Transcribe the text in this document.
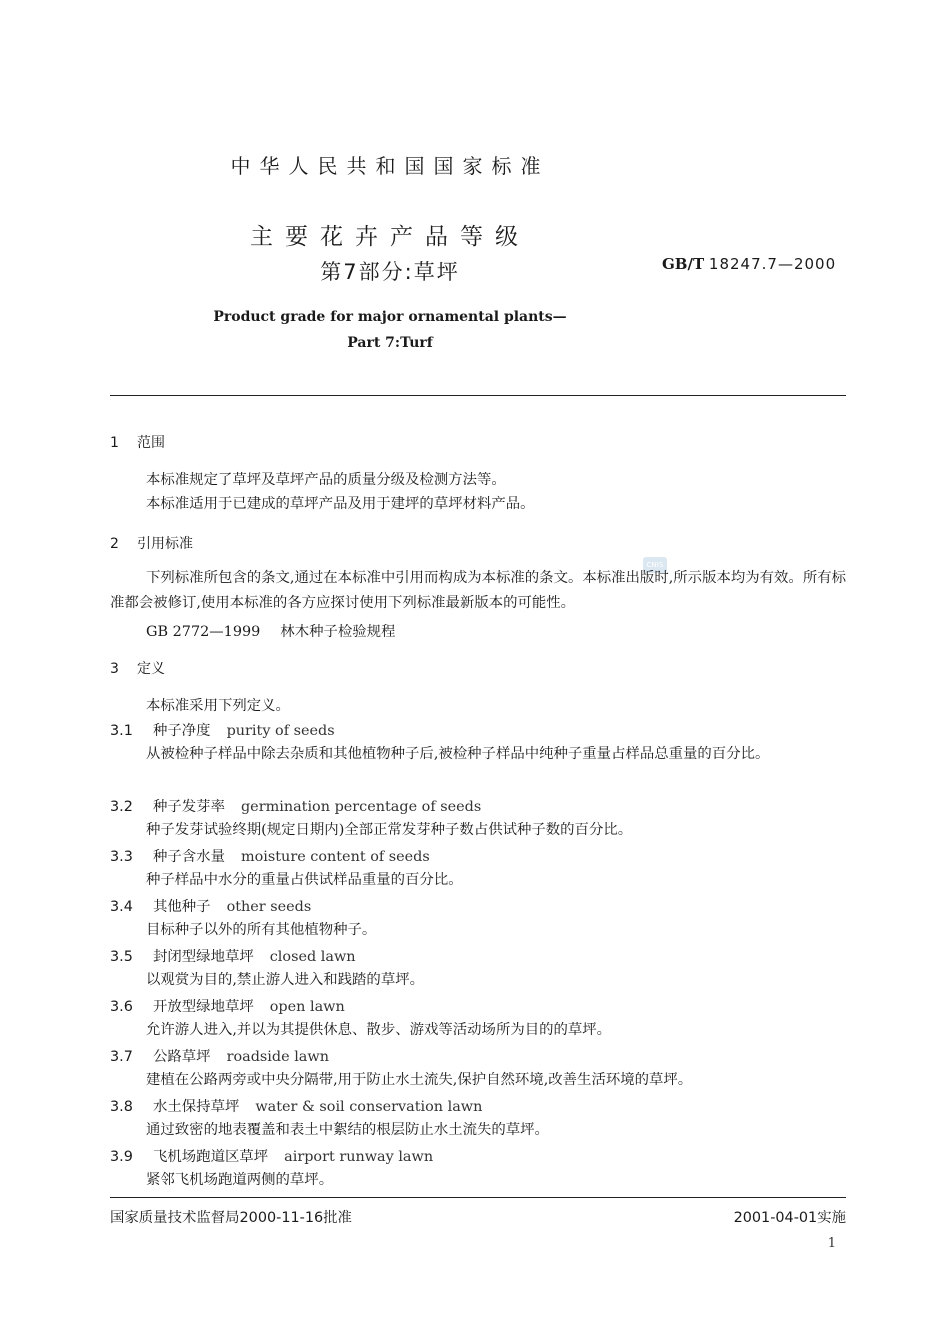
中华人民共和国国家标准
主要花卉产品等级
第7部分:草坪	GB/T 18247.7—2000
Product grade for major ornamental plants—
Part 7:Turf
CNIS
1 范围
本标准规定了草坪及草坪产品的质量分级及检测方法等。
本标准适用于已建成的草坪产品及用于建坪的草坪材料产品。
2 引用标准
下列标准所包含的条文,通过在本标准中引用而构成为本标准的条文。本标准出版时,所示版本均为有效。所有标准都会被修订,使用本标准的各方应探讨使用下列标准最新版本的可能性。
GB 2772—1999 林木种子检验规程
3 定义
本标准采用下列定义。
3.1 种子净度 purity of seeds
从被检种子样品中除去杂质和其他植物种子后,被检种子样品中纯种子重量占样品总重量的百分比。
3.2 种子发芽率 germination percentage of seeds
种子发芽试验终期(规定日期内)全部正常发芽种子数占供试种子数的百分比。
3.3 种子含水量 moisture content of seeds
种子样品中水分的重量占供试样品重量的百分比。
3.4 其他种子 other seeds
目标种子以外的所有其他植物种子。
3.5 封闭型绿地草坪 closed lawn
以观赏为目的,禁止游人进入和践踏的草坪。
3.6 开放型绿地草坪 open lawn
允许游人进入,并以为其提供休息、散步、游戏等活动场所为目的的草坪。
3.7 公路草坪 roadside lawn
建植在公路两旁或中央分隔带,用于防止水土流失,保护自然环境,改善生活环境的草坪。
3.8 水土保持草坪 water & soil conservation lawn
通过致密的地表覆盖和表土中絮结的根层防止水土流失的草坪。
3.9 飞机场跑道区草坪 airport runway lawn
紧邻飞机场跑道两侧的草坪。
国家质量技术监督局2000-11-16批准	2001-04-01实施
1
